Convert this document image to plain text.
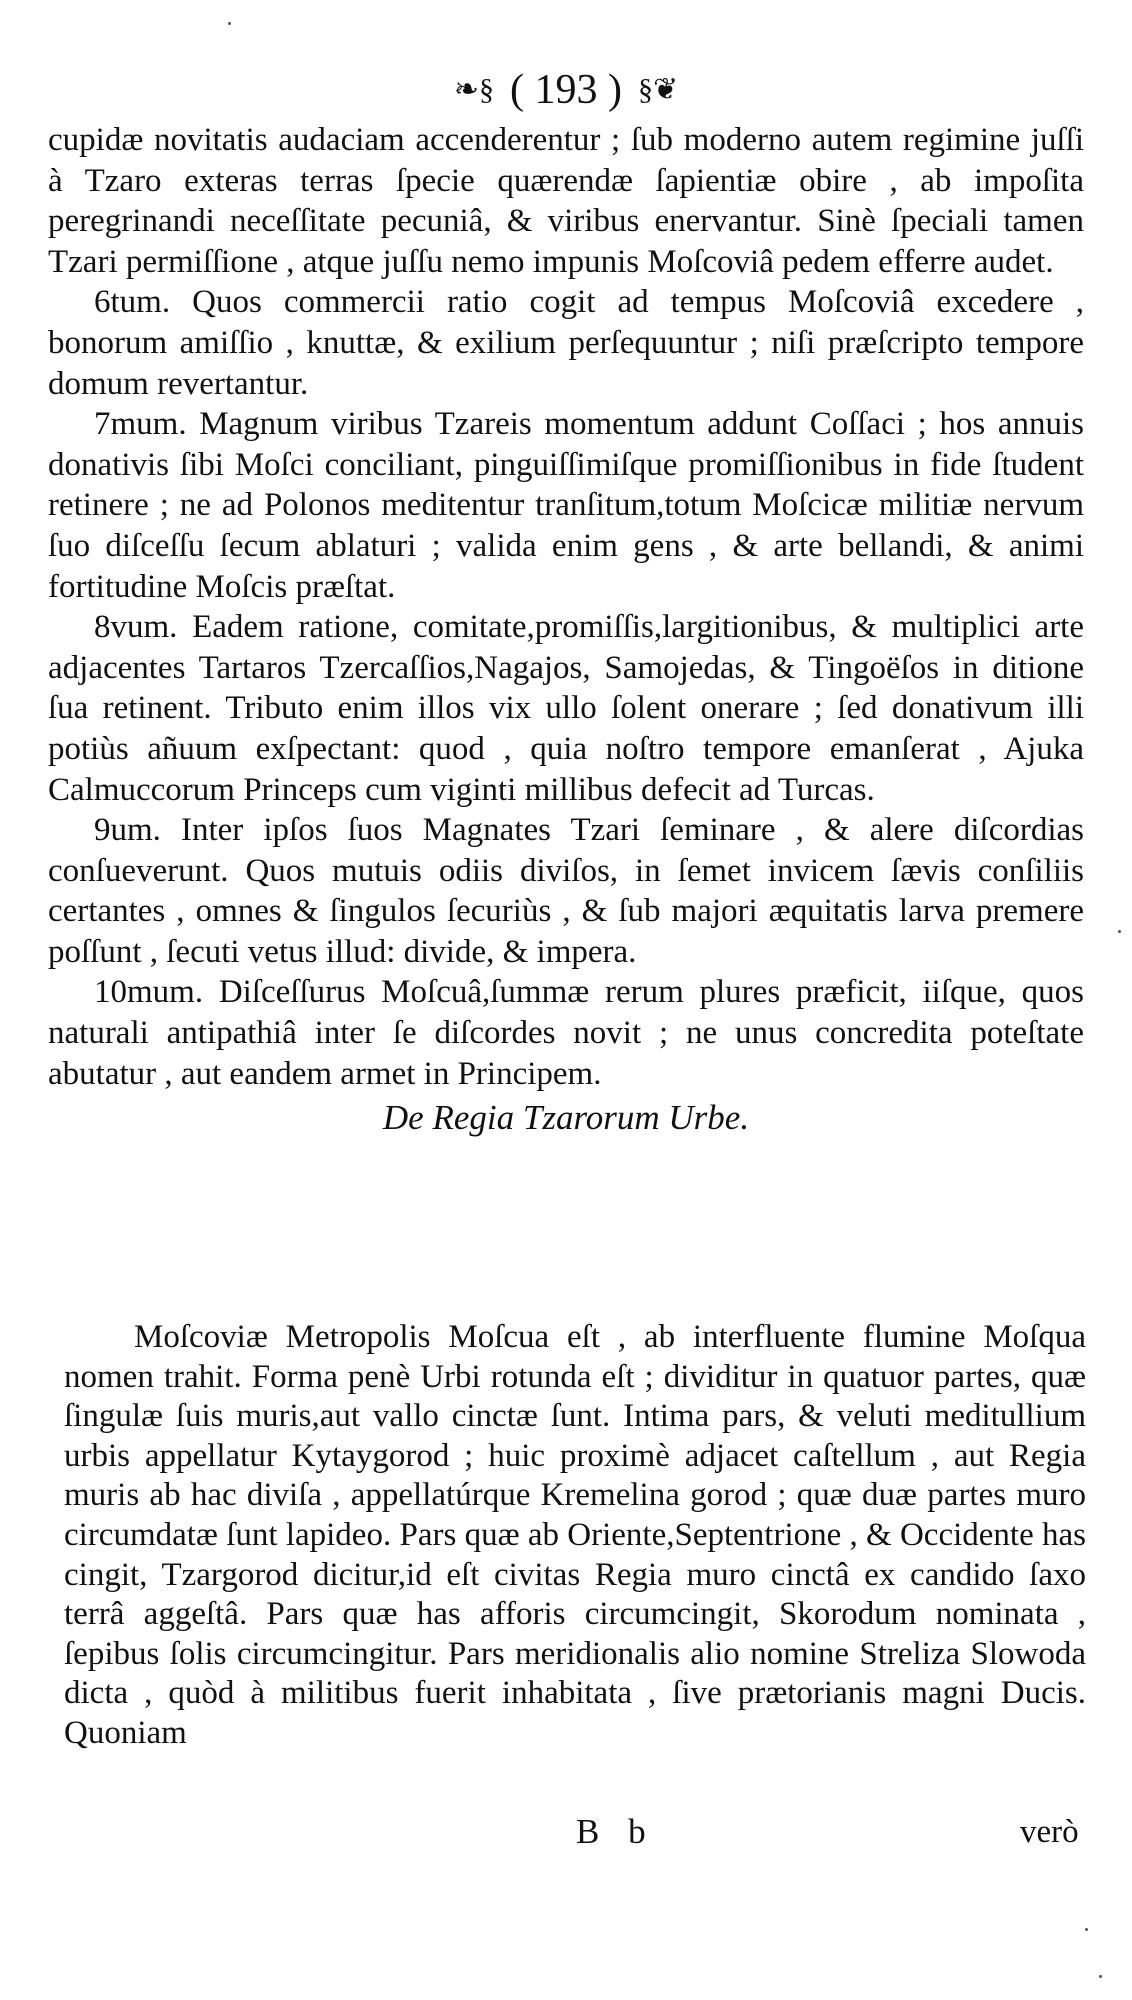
❧§ ( 193 ) §❦

cupidæ novitatis audaciam accenderentur ; ſub moderno autem regimine juſſi à Tzaro exteras terras ſpecie quærendæ ſapientiæ obire , ab impoſita peregrinandi neceſſitate pecuniâ, & viribus enervantur. Sinè ſpeciali tamen Tzari permiſſione , atque juſſu nemo impunis Moſcoviâ pedem efferre audet.

6tum. Quos commercii ratio cogit ad tempus Moſcoviâ excedere , bonorum amiſſio , knuttæ, & exilium perſequuntur ; niſi præſcripto tempore domum revertantur.

7mum. Magnum viribus Tzareis momentum addunt Coſſaci ; hos annuis donativis ſibi Moſci conciliant, pinguiſſimiſque promiſſionibus in fide ſtudent retinere ; ne ad Polonos meditentur tranſitum,totum Moſcicæ militiæ nervum ſuo diſceſſu ſecum ablaturi ; valida enim gens , & arte bellandi, & animi fortitudine Moſcis præſtat.

8vum. Eadem ratione, comitate,promiſſis,largitionibus, & multiplici arte adjacentes Tartaros Tzercaſſios,Nagajos, Samojedas, & Tingoëſos in ditione ſua retinent. Tributo enim illos vix ullo ſolent onerare ; ſed donativum illi potiùs añuum exſpectant: quod , quia noſtro tempore emanſerat , Ajuka Calmuccorum Princeps cum viginti millibus defecit ad Turcas.

9um. Inter ipſos ſuos Magnates Tzari ſeminare , & alere diſcordias conſueverunt. Quos mutuis odiis diviſos, in ſemet invicem ſævis conſiliis certantes , omnes & ſingulos ſecuriùs , & ſub majori æquitatis larva premere poſſunt , ſecuti vetus illud: divide, & impera.

10mum. Diſceſſurus Moſcuâ,ſummæ rerum plures præficit, iiſque, quos naturali antipathiâ inter ſe diſcordes novit ; ne unus concredita poteſtate abutatur , aut eandem armet in Principem.

De Regia Tzarorum Urbe.

Moſcoviæ Metropolis Moſcua eſt , ab interfluente flumine Moſqua nomen trahit. Forma penè Urbi rotunda eſt ; dividitur in quatuor partes, quæ ſingulæ ſuis muris,aut vallo cinctæ ſunt. Intima pars, & veluti meditullium urbis appellatur Kytaygorod ; huic proximè adjacet caſtellum , aut Regia muris ab hac diviſa , appellatúrque Kremelina gorod ; quæ duæ partes muro circumdatæ ſunt lapideo. Pars quæ ab Oriente,Septentrione , & Occidente has cingit, Tzargorod dicitur,id eſt civitas Regia muro cinctâ ex candido ſaxo terrâ aggeſtâ. Pars quæ has afforis circumcingit, Skorodum nominata , ſepibus ſolis circumcingitur. Pars meridionalis alio nomine Streliza Slowoda dicta , quòd à militibus fuerit inhabitata , ſive prætorianis magni Ducis. Quoniam

B b	verò
